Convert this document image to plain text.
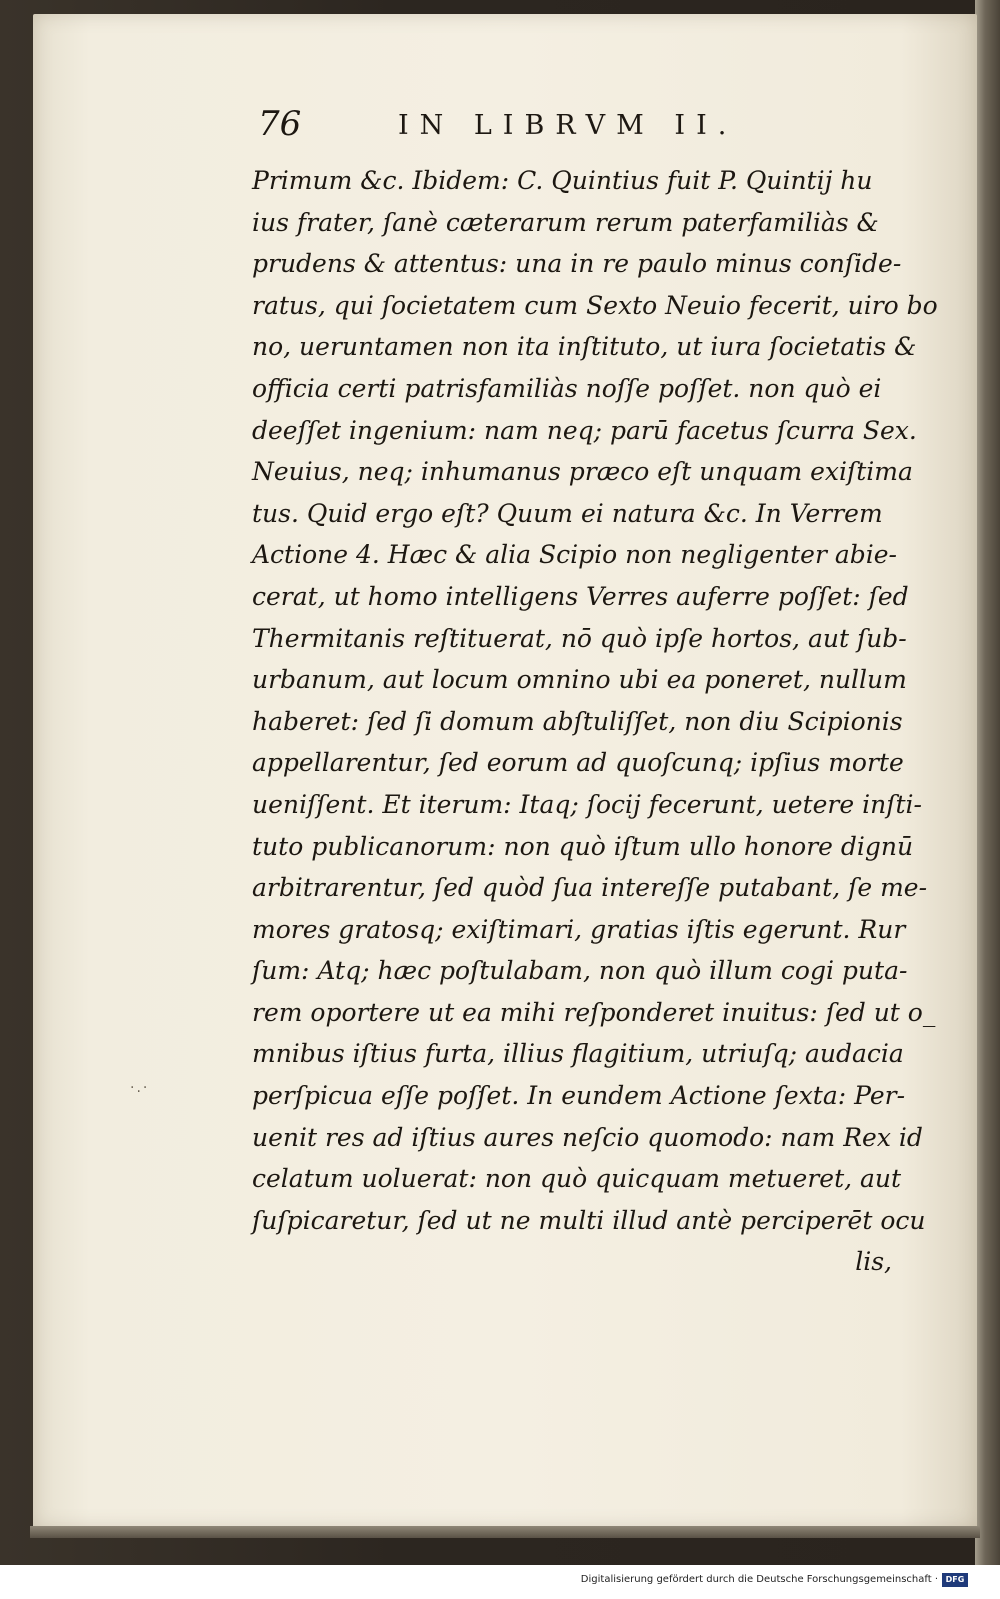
76	IN LIBRVM II.
·.·
Primum &c. Ibidem: C. Quintius fuit P. Quintij hu
ius frater, ſanè cæterarum rerum paterfamiliàs &
prudens & attentus: una in re paulo minus conſide-
ratus, qui ſocietatem cum Sexto Neuio fecerit, uiro bo
no, ueruntamen non ita inſtituto, ut iura ſocietatis &
officia certi patrisfamiliàs noſſe poſſet. non quò ei
deeſſet ingenium: nam neq; parū facetus ſcurra Sex.
Neuius, neq; inhumanus præco eſt unquam exiſtima
tus. Quid ergo eſt? Quum ei natura &c. In Verrem
Actione 4. Hæc & alia Scipio non negligenter abie-
cerat, ut homo intelligens Verres auferre poſſet: ſed
Thermitanis reſtituerat, nō quò ipſe hortos, aut ſub-
urbanum, aut locum omnino ubi ea poneret, nullum
haberet: ſed ſi domum abſtuliſſet, non diu Scipionis
appellarentur, ſed eorum ad quoſcunq; ipſius morte
ueniſſent. Et iterum: Itaq; ſocij fecerunt, uetere inſti-
tuto publicanorum: non quò iſtum ullo honore dignū
arbitrarentur, ſed quòd ſua intereſſe putabant, ſe me-
mores gratosq; exiſtimari, gratias iſtis egerunt. Rur
ſum: Atq; hæc poſtulabam, non quò illum cogi puta-
rem oportere ut ea mihi reſponderet inuitus: ſed ut o_
mnibus iſtius furta, illius flagitium, utriuſq; audacia
perſpicua eſſe poſſet. In eundem Actione ſexta: Per-
uenit res ad iſtius aures neſcio quomodo: nam Rex id
celatum uoluerat: non quò quicquam metueret, aut
ſuſpicaretur, ſed ut ne multi illud antè perciperēt ocu
lis,
Digitalisierung gefördert durch die Deutsche Forschungsgemeinschaft · DFG
